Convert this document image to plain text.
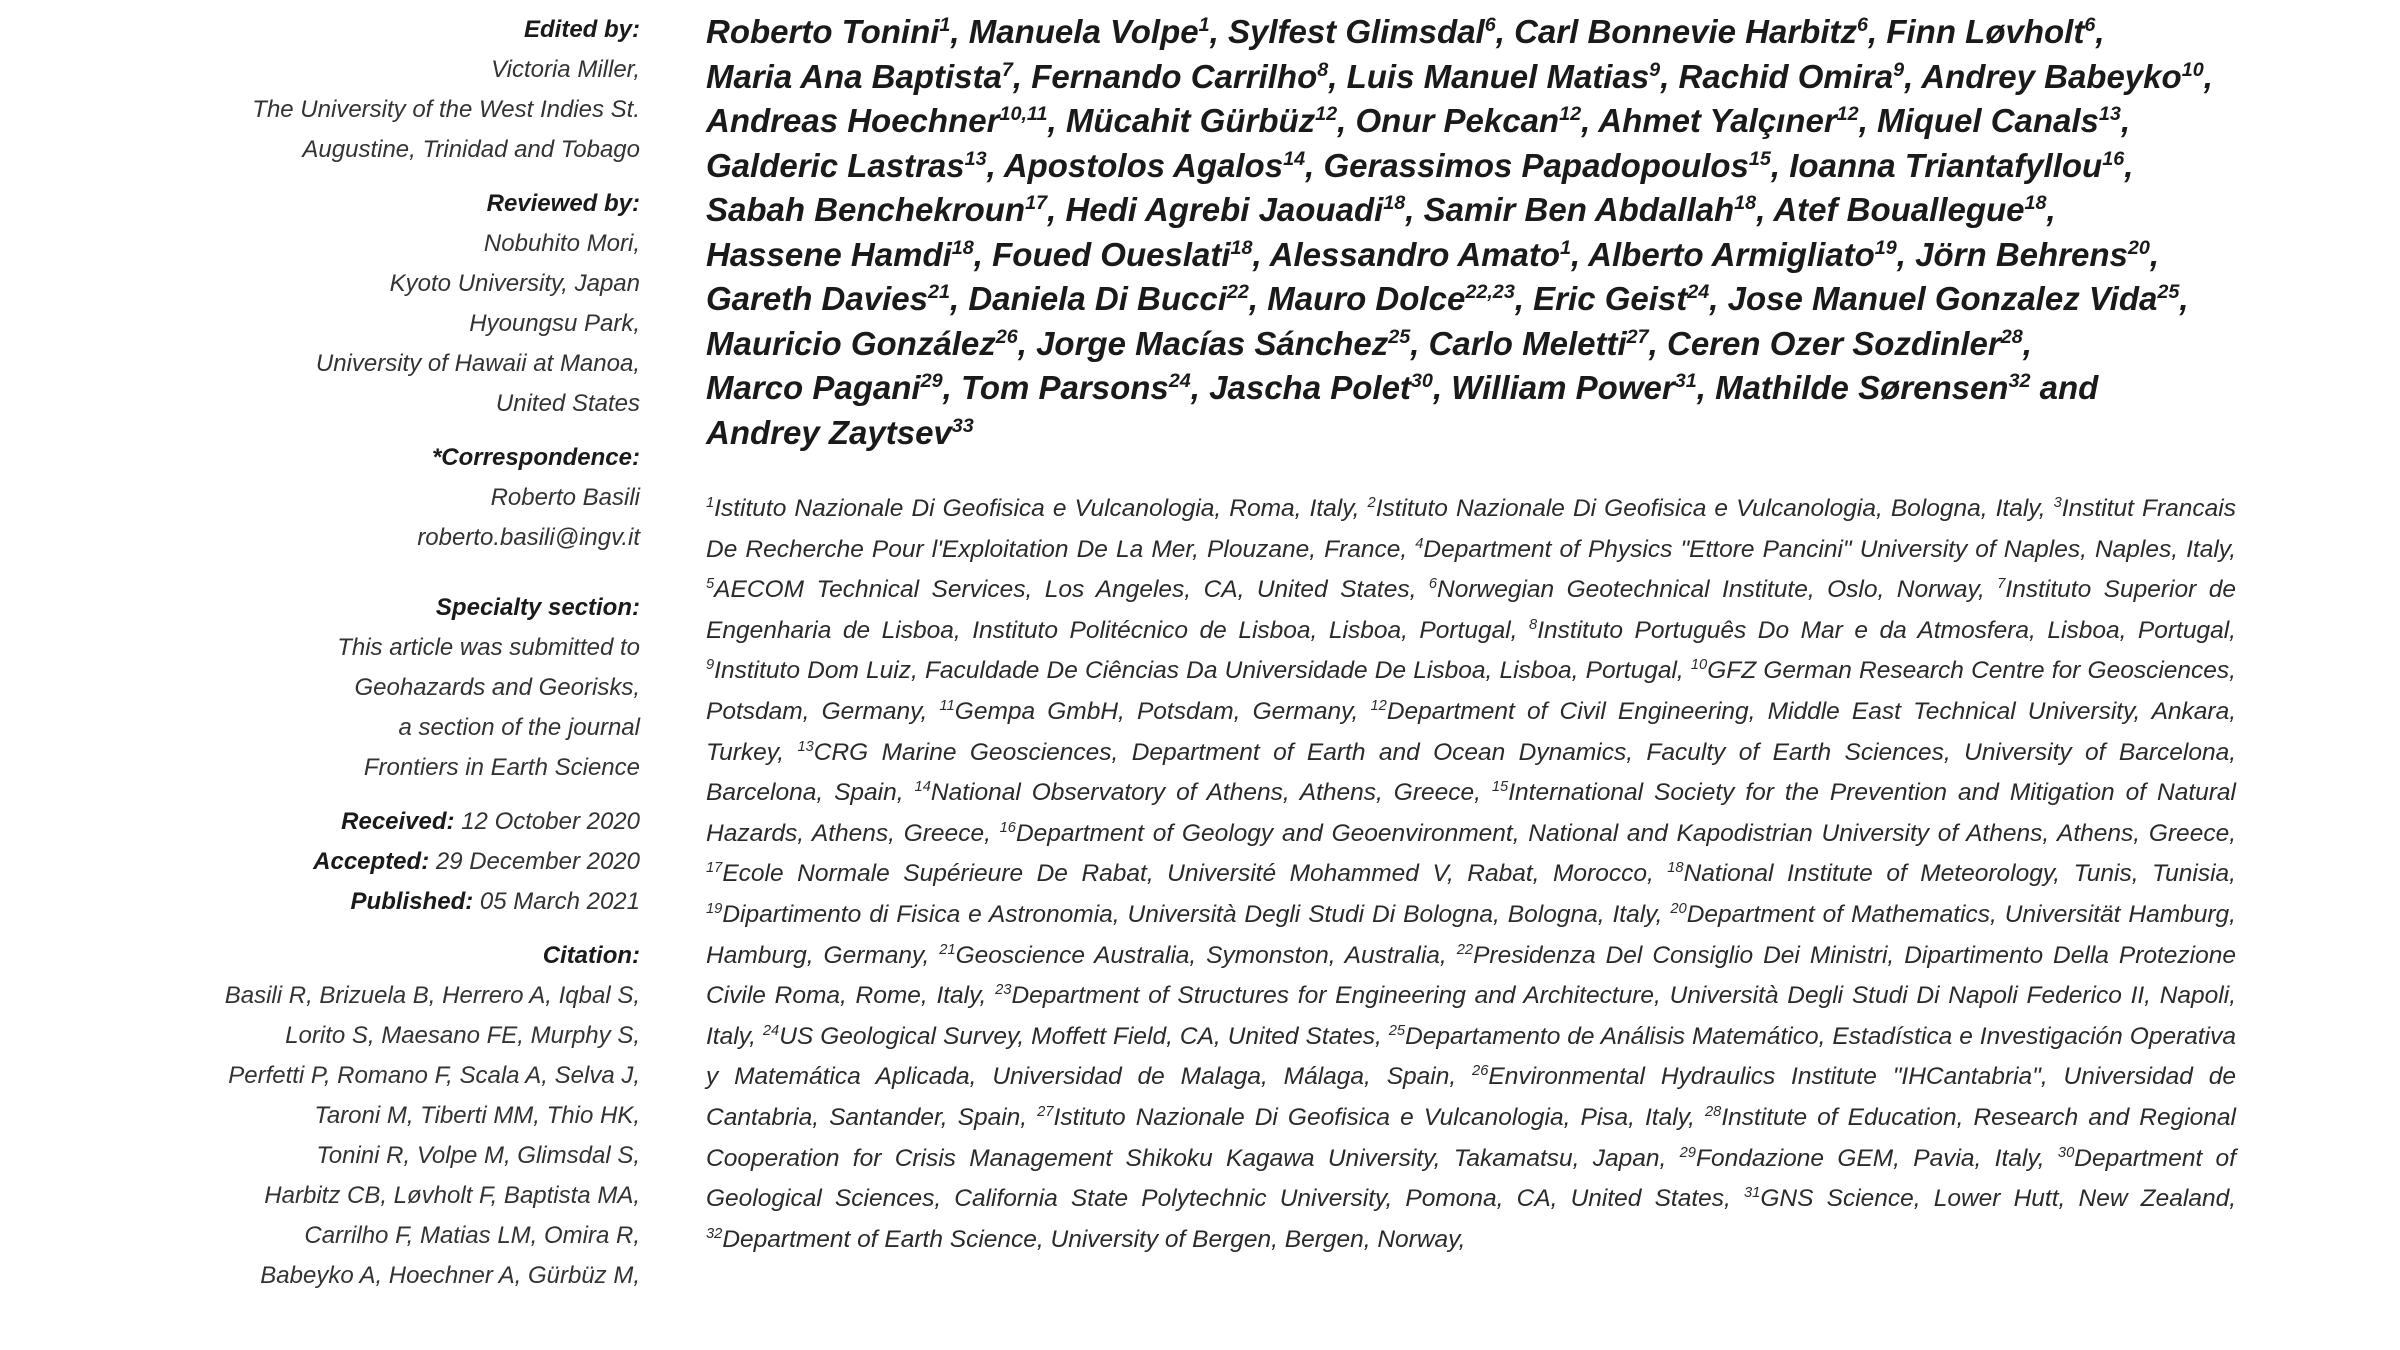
Edited by:
Victoria Miller,
The University of the West Indies St.
Augustine, Trinidad and Tobago
Reviewed by:
Nobuhito Mori,
Kyoto University, Japan
Hyoungsu Park,
University of Hawaii at Manoa,
United States
*Correspondence:
Roberto Basili
roberto.basili@ingv.it
Specialty section:
This article was submitted to
Geohazards and Georisks,
a section of the journal
Frontiers in Earth Science
Received: 12 October 2020
Accepted: 29 December 2020
Published: 05 March 2021
Citation:
Basili R, Brizuela B, Herrero A, Iqbal S,
Lorito S, Maesano FE, Murphy S,
Perfetti P, Romano F, Scala A, Selva J,
Taroni M, Tiberti MM, Thio HK,
Tonini R, Volpe M, Glimsdal S,
Harbitz CB, Løvholt F, Baptista MA,
Carrilho F, Matias LM, Omira R,
Babeyko A, Hoechner A, Gürbüz M,
Roberto Tonini$^1$, Manuela Volpe$^1$, Sylfest Glimsdal$^6$, Carl Bonnevie Harbitz$^6$, Finn Løvholt$^6$, Maria Ana Baptista$^7$, Fernando Carrilho$^8$, Luis Manuel Matias$^9$, Rachid Omira$^9$, Andrey Babeyko$^{10}$, Andreas Hoechner$^{10,11}$, Mücahit Gürbüz$^{12}$, Onur Pekcan$^{12}$, Ahmet Yalçıner$^{12}$, Miquel Canals$^{13}$, Galderic Lastras$^{13}$, Apostolos Agalos$^{14}$, Gerassimos Papadopoulos$^{15}$, Ioanna Triantafyllou$^{16}$, Sabah Benchekroun$^{17}$, Hedi Agrebi Jaouadi$^{18}$, Samir Ben Abdallah$^{18}$, Atef Bouallegue$^{18}$, Hassene Hamdi$^{18}$, Foued Oueslati$^{18}$, Alessandro Amato$^1$, Alberto Armigliato$^{19}$, Jörn Behrens$^{20}$, Gareth Davies$^{21}$, Daniela Di Bucci$^{22}$, Mauro Dolce$^{22,23}$, Eric Geist$^{24}$, Jose Manuel Gonzalez Vida$^{25}$, Mauricio González$^{26}$, Jorge Macías Sánchez$^{25}$, Carlo Meletti$^{27}$, Ceren Ozer Sozdinler$^{28}$, Marco Pagani$^{29}$, Tom Parsons$^{24}$, Jascha Polet$^{30}$, William Power$^{31}$, Mathilde Sørensen$^{32}$ and Andrey Zaytsev$^{33}$
$^1$Istituto Nazionale Di Geofisica e Vulcanologia, Roma, Italy, $^2$Istituto Nazionale Di Geofisica e Vulcanologia, Bologna, Italy, $^3$Institut Francais De Recherche Pour l'Exploitation De La Mer, Plouzane, France, $^4$Department of Physics "Ettore Pancini" University of Naples, Naples, Italy, $^5$AECOM Technical Services, Los Angeles, CA, United States, $^6$Norwegian Geotechnical Institute, Oslo, Norway, $^7$Instituto Superior de Engenharia de Lisboa, Instituto Politécnico de Lisboa, Lisboa, Portugal, $^8$Instituto Português Do Mar e da Atmosfera, Lisboa, Portugal, $^9$Instituto Dom Luiz, Faculdade De Ciências Da Universidade De Lisboa, Lisboa, Portugal, $^{10}$GFZ German Research Centre for Geosciences, Potsdam, Germany, $^{11}$Gempa GmbH, Potsdam, Germany, $^{12}$Department of Civil Engineering, Middle East Technical University, Ankara, Turkey, $^{13}$CRG Marine Geosciences, Department of Earth and Ocean Dynamics, Faculty of Earth Sciences, University of Barcelona, Barcelona, Spain, $^{14}$National Observatory of Athens, Athens, Greece, $^{15}$International Society for the Prevention and Mitigation of Natural Hazards, Athens, Greece, $^{16}$Department of Geology and Geoenvironment, National and Kapodistrian University of Athens, Athens, Greece, $^{17}$Ecole Normale Supérieure De Rabat, Université Mohammed V, Rabat, Morocco, $^{18}$National Institute of Meteorology, Tunis, Tunisia, $^{19}$Dipartimento di Fisica e Astronomia, Università Degli Studi Di Bologna, Bologna, Italy, $^{20}$Department of Mathematics, Universität Hamburg, Hamburg, Germany, $^{21}$Geoscience Australia, Symonston, Australia, $^{22}$Presidenza Del Consiglio Dei Ministri, Dipartimento Della Protezione Civile Roma, Rome, Italy, $^{23}$Department of Structures for Engineering and Architecture, Università Degli Studi Di Napoli Federico II, Napoli, Italy, $^{24}$US Geological Survey, Moffett Field, CA, United States, $^{25}$Departamento de Análisis Matemático, Estadística e Investigación Operativa y Matemática Aplicada, Universidad de Malaga, Málaga, Spain, $^{26}$Environmental Hydraulics Institute "IHCantabria", Universidad de Cantabria, Santander, Spain, $^{27}$Istituto Nazionale Di Geofisica e Vulcanologia, Pisa, Italy, $^{28}$Institute of Education, Research and Regional Cooperation for Crisis Management Shikoku Kagawa University, Takamatsu, Japan, $^{29}$Fondazione GEM, Pavia, Italy, $^{30}$Department of Geological Sciences, California State Polytechnic University, Pomona, CA, United States, $^{31}$GNS Science, Lower Hutt, New Zealand, $^{32}$Department of Earth Science, University of Bergen, Bergen, Norway,
